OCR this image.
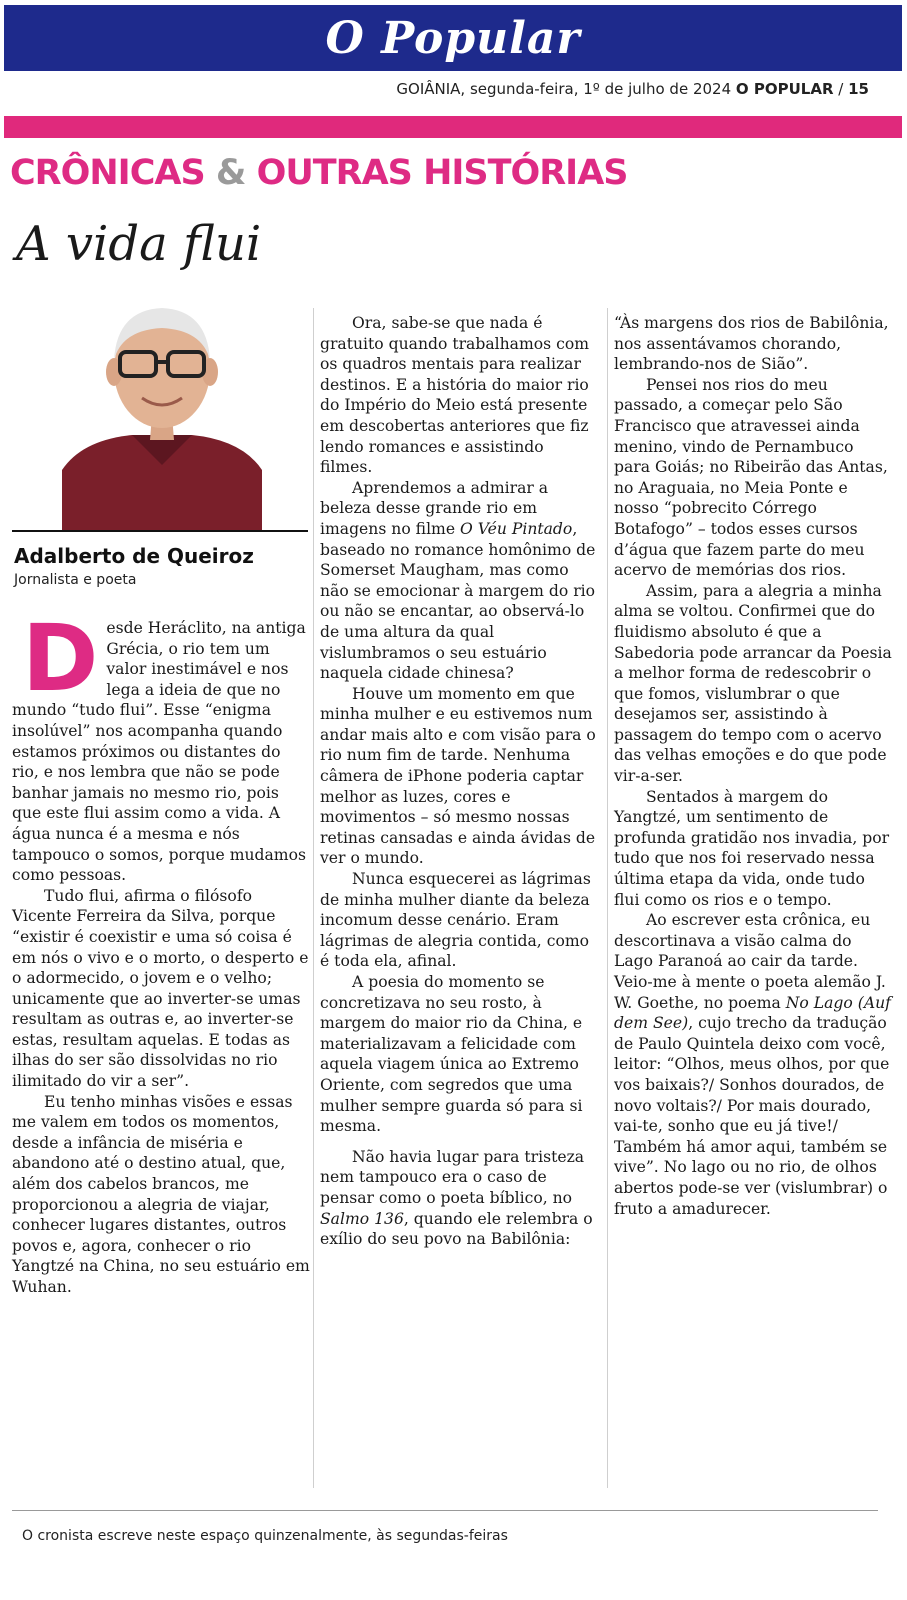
O Popular
GOIÂNIA, segunda-feira, 1º de julho de 2024 O POPULAR / 15
CRÔNICAS & OUTRAS HISTÓRIAS
A vida flui
Adalberto de Queiroz
Jornalista e poeta
D esde Heráclito, na antiga Grécia, o rio tem um valor inestimável e nos lega a ideia de que no mundo “tudo flui”. Esse “enigma insolúvel” nos acompanha quando estamos próximos ou distantes do rio, e nos lembra que não se pode banhar jamais no mesmo rio, pois que este flui assim como a vida. A água nunca é a mesma e nós tampouco o somos, porque mudamos como pessoas.

Tudo flui, afirma o filósofo Vicente Ferreira da Silva, porque “existir é coexistir e uma só coisa é em nós o vivo e o morto, o desperto e o adormecido, o jovem e o velho; unicamente que ao inverter-se umas resultam as outras e, ao inverter-se estas, resultam aquelas. E todas as ilhas do ser são dissolvidas no rio ilimitado do vir a ser”.

Eu tenho minhas visões e essas me valem em todos os momentos, desde a infância de miséria e abandono até o destino atual, que, além dos cabelos brancos, me proporcionou a alegria de viajar, conhecer lugares distantes, outros povos e, agora, conhecer o rio Yangtzé na China, no seu estuário em Wuhan.

Ora, sabe-se que nada é gratuito quando trabalhamos com os quadros mentais para realizar destinos. E a história do maior rio do Império do Meio está presente em descobertas anteriores que fiz lendo romances e assistindo filmes.

Aprendemos a admirar a beleza desse grande rio em imagens no filme O Véu Pintado, baseado no romance homônimo de Somerset Maugham, mas como não se emocionar à margem do rio ou não se encantar, ao observá-lo de uma altura da qual vislumbramos o seu estuário naquela cidade chinesa?

Houve um momento em que minha mulher e eu estivemos num andar mais alto e com visão para o rio num fim de tarde. Nenhuma câmera de iPhone poderia captar melhor as luzes, cores e movimentos – só mesmo nossas retinas cansadas e ainda ávidas de ver o mundo.

Nunca esquecerei as lágrimas de minha mulher diante da beleza incomum desse cenário. Eram lágrimas de alegria contida, como é toda ela, afinal.

A poesia do momento se concretizava no seu rosto, à margem do maior rio da China, e materializavam a felicidade com aquela viagem única ao Extremo Oriente, com segredos que uma mulher sempre guarda só para si mesma.

Não havia lugar para tristeza nem tampouco era o caso de pensar como o poeta bíblico, no Salmo 136, quando ele relembra o exílio do seu povo na Babilônia:

“Às margens dos rios de Babilônia, nos assentávamos chorando, lembrando-nos de Sião”.

Pensei nos rios do meu passado, a começar pelo São Francisco que atravessei ainda menino, vindo de Pernambuco para Goiás; no Ribeirão das Antas, no Araguaia, no Meia Ponte e nosso “pobrecito Córrego Botafogo” – todos esses cursos d’água que fazem parte do meu acervo de memórias dos rios.

Assim, para a alegria a minha alma se voltou. Confirmei que do fluidismo absoluto é que a Sabedoria pode arrancar da Poesia a melhor forma de redescobrir o que fomos, vislumbrar o que desejamos ser, assistindo à passagem do tempo com o acervo das velhas emoções e do que pode vir-a-ser.

Sentados à margem do Yangtzé, um sentimento de profunda gratidão nos invadia, por tudo que nos foi reservado nessa última etapa da vida, onde tudo flui como os rios e o tempo.

Ao escrever esta crônica, eu descortinava a visão calma do Lago Paranoá ao cair da tarde. Veio-me à mente o poeta alemão J. W. Goethe, no poema No Lago (Auf dem See), cujo trecho da tradução de Paulo Quintela deixo com você, leitor: “Olhos, meus olhos, por que vos baixais?/ Sonhos dourados, de novo voltais?/ Por mais dourado, vai-te, sonho que eu já tive!/ Também há amor aqui, também se vive”. No lago ou no rio, de olhos abertos pode-se ver (vislumbrar) o fruto a amadurecer.

O cronista escreve neste espaço quinzenalmente, às segundas-feiras
